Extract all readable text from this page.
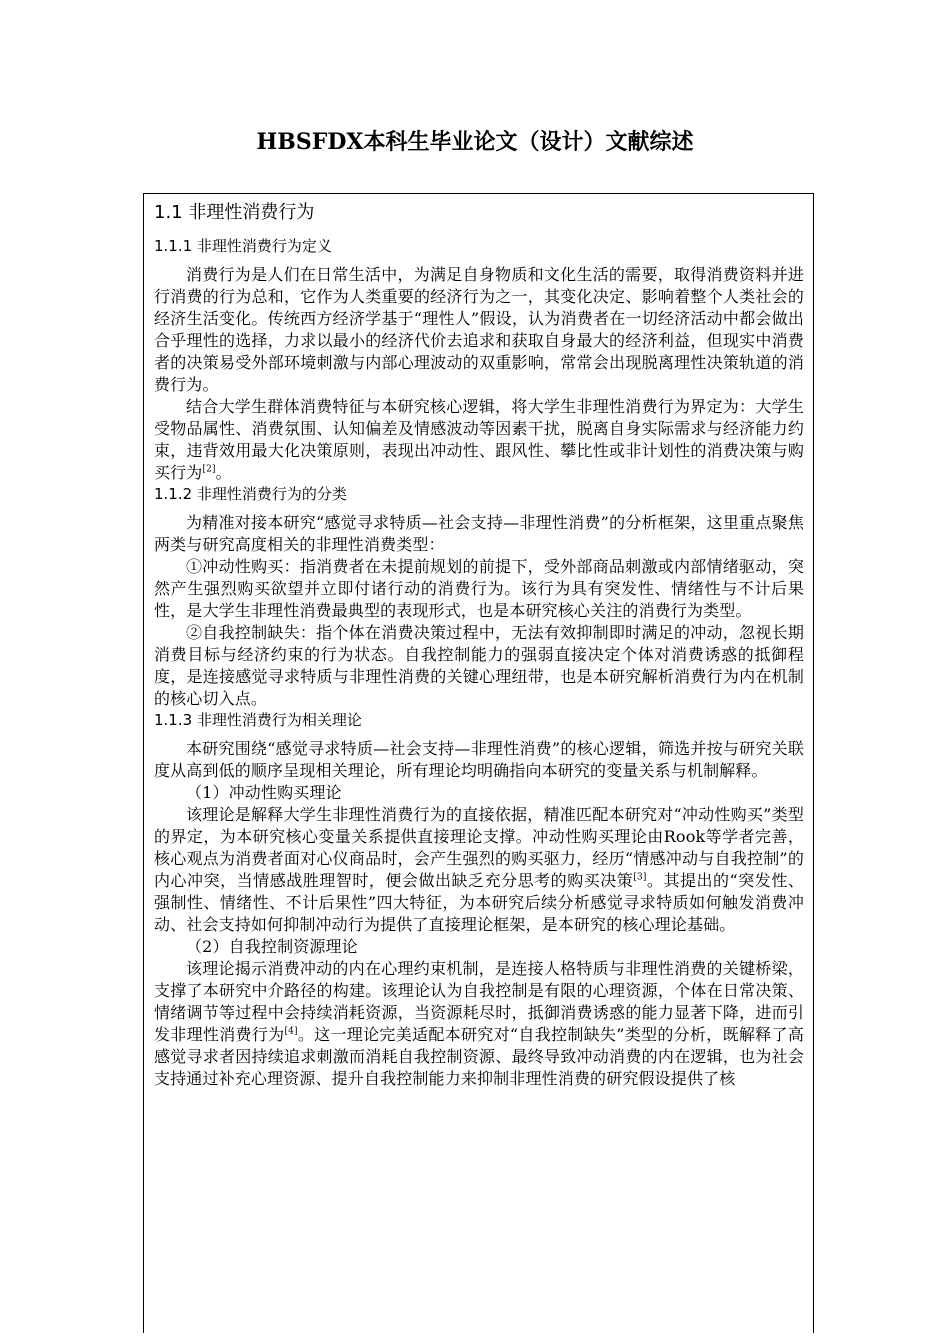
HBSFDX本科生毕业论文（设计）文献综述
1.1 非理性消费行为
1.1.1 非理性消费行为定义

消费行为是人们在日常生活中，为满足自身物质和文化生活的需要，取得消费资料并进行消费的行为总和，它作为人类重要的经济行为之一，其变化决定、影响着整个人类社会的经济生活变化。传统西方经济学基于“理性人”假设，认为消费者在一切经济活动中都会做出合乎理性的选择，力求以最小的经济代价去追求和获取自身最大的经济利益，但现实中消费者的决策易受外部环境刺激与内部心理波动的双重影响，常常会出现脱离理性决策轨道的消费行为。

结合大学生群体消费特征与本研究核心逻辑，将大学生非理性消费行为界定为：大学生受物品属性、消费氛围、认知偏差及情感波动等因素干扰，脱离自身实际需求与经济能力约束，违背效用最大化决策原则，表现出冲动性、跟风性、攀比性或非计划性的消费决策与购买行为[2]。

1.1.2 非理性消费行为的分类

为精准对接本研究“感觉寻求特质—社会支持—非理性消费”的分析框架，这里重点聚焦两类与研究高度相关的非理性消费类型：

①冲动性购买：指消费者在未提前规划的前提下，受外部商品刺激或内部情绪驱动，突然产生强烈购买欲望并立即付诸行动的消费行为。该行为具有突发性、情绪性与不计后果性，是大学生非理性消费最典型的表现形式，也是本研究核心关注的消费行为类型。

②自我控制缺失：指个体在消费决策过程中，无法有效抑制即时满足的冲动，忽视长期消费目标与经济约束的行为状态。自我控制能力的强弱直接决定个体对消费诱惑的抵御程度，是连接感觉寻求特质与非理性消费的关键心理纽带，也是本研究解析消费行为内在机制的核心切入点。

1.1.3 非理性消费行为相关理论

本研究围绕“感觉寻求特质—社会支持—非理性消费”的核心逻辑，筛选并按与研究关联度从高到低的顺序呈现相关理论，所有理论均明确指向本研究的变量关系与机制解释。

（1）冲动性购买理论

该理论是解释大学生非理性消费行为的直接依据，精准匹配本研究对“冲动性购买”类型的界定，为本研究核心变量关系提供直接理论支撑。冲动性购买理论由Rook等学者完善，核心观点为消费者面对心仪商品时，会产生强烈的购买驱力，经历“情感冲动与自我控制”的内心冲突，当情感战胜理智时，便会做出缺乏充分思考的购买决策[3]。其提出的“突发性、强制性、情绪性、不计后果性”四大特征，为本研究后续分析感觉寻求特质如何触发消费冲动、社会支持如何抑制冲动行为提供了直接理论框架，是本研究的核心理论基础。

（2）自我控制资源理论

该理论揭示消费冲动的内在心理约束机制，是连接人格特质与非理性消费的关键桥梁，支撑了本研究中介路径的构建。该理论认为自我控制是有限的心理资源，个体在日常决策、情绪调节等过程中会持续消耗资源，当资源耗尽时，抵御消费诱惑的能力显著下降，进而引发非理性消费行为[4]。这一理论完美适配本研究对“自我控制缺失”类型的分析，既解释了高感觉寻求者因持续追求刺激而消耗自我控制资源、最终导致冲动消费的内在逻辑，也为社会支持通过补充心理资源、提升自我控制能力来抑制非理性消费的研究假设提供了核
